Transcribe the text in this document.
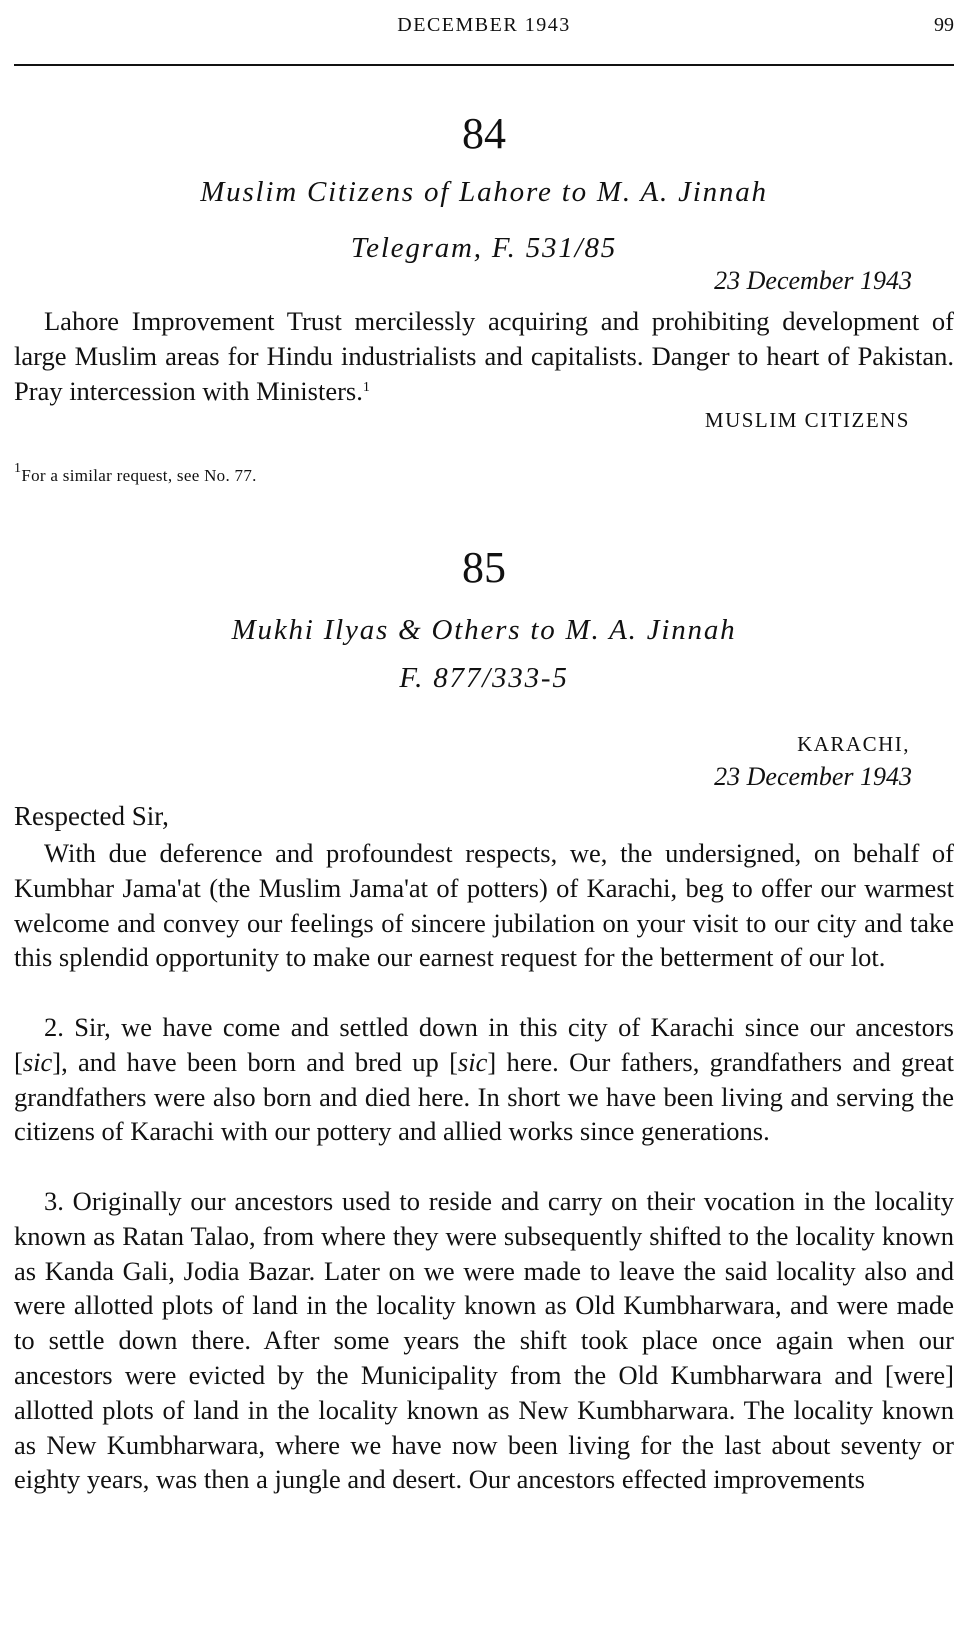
DECEMBER 1943	99
84
Muslim Citizens of Lahore to M. A. Jinnah
Telegram, F. 531/85
23 December 1943

Lahore Improvement Trust mercilessly acquiring and prohibiting development of large Muslim areas for Hindu industrialists and capitalists. Danger to heart of Pakistan. Pray intercession with Ministers.$^1$

MUSLIM CITIZENS
$^1$For a similar request, see No. 77.
85
Mukhi Ilyas & Others to M. A. Jinnah
F. 877/333-5
KARACHI,
23 December 1943
Respected Sir,

With due deference and profoundest respects, we, the undersigned, on behalf of Kumbhar Jama'at (the Muslim Jama'at of potters) of Karachi, beg to offer our warmest welcome and convey our feelings of sincere jubilation on your visit to our city and take this splendid opportunity to make our earnest request for the betterment of our lot.

2. Sir, we have come and settled down in this city of Karachi since our ancestors [sic], and have been born and bred up [sic] here. Our fathers, grandfathers and great grandfathers were also born and died here. In short we have been living and serving the citizens of Karachi with our pottery and allied works since generations.

3. Originally our ancestors used to reside and carry on their vocation in the locality known as Ratan Talao, from where they were subsequently shifted to the locality known as Kanda Gali, Jodia Bazar. Later on we were made to leave the said locality also and were allotted plots of land in the locality known as Old Kumbharwara, and were made to settle down there. After some years the shift took place once again when our ancestors were evicted by the Municipality from the Old Kumbharwara and [were] allotted plots of land in the locality known as New Kumbharwara. The locality known as New Kumbharwara, where we have now been living for the last about seventy or eighty years, was then a jungle and desert. Our ancestors effected improvements
